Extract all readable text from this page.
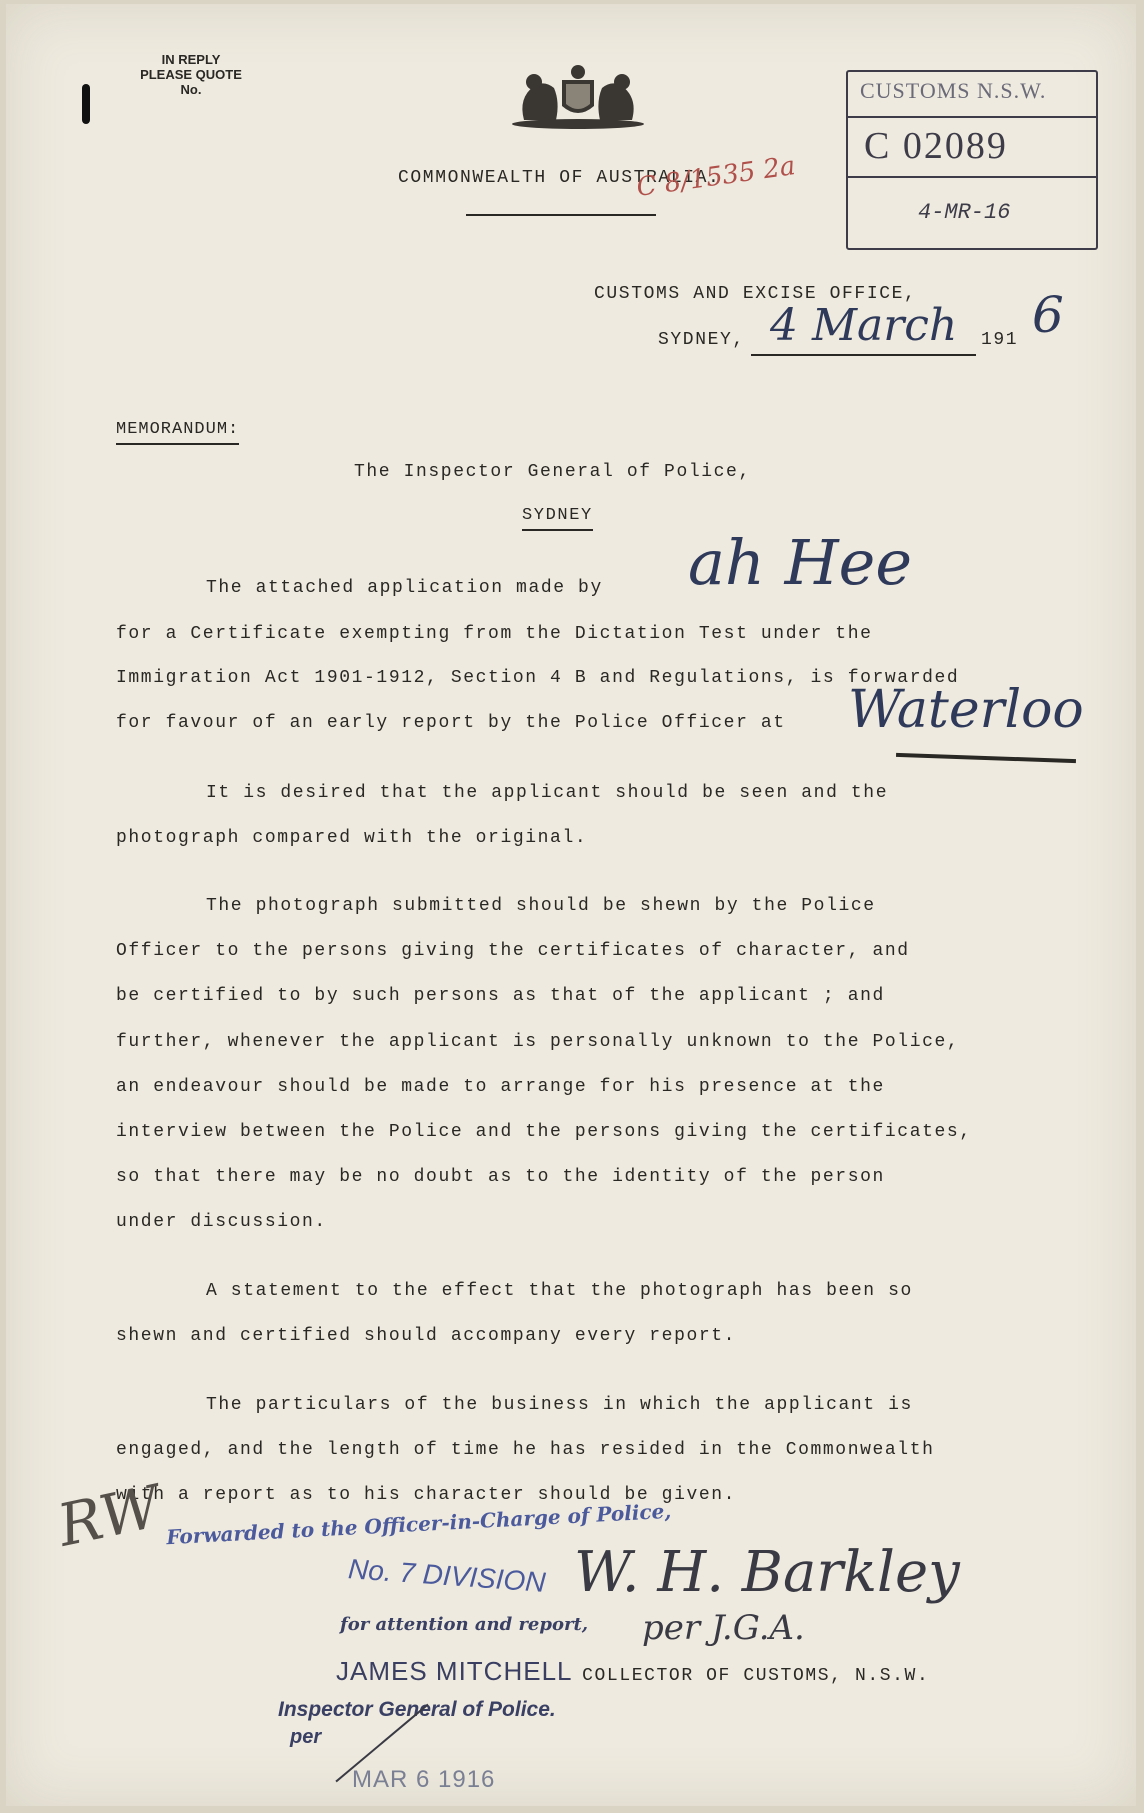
IN REPLY
PLEASE QUOTE
No.
COMMONWEALTH OF AUSTRALIA.
C 8/1535 2a
CUSTOMS N.S.W.
C 02089
4-MR-16
CUSTOMS AND EXCISE OFFICE,
SYDNEY, 4 March 191 6
MEMORANDUM:
The Inspector General of Police,
SYDNEY
The attached application made by ah Hee
for a Certificate exempting from the Dictation Test under the
Immigration Act 1901-1912, Section 4 B and Regulations, is forwarded
for favour of an early report by the Police Officer at Waterloo
It is desired that the applicant should be seen and the
photograph compared with the original.
The photograph submitted should be shewn by the Police
Officer to the persons giving the certificates of character, and
be certified to by such persons as that of the applicant ; and
further, whenever the applicant is personally unknown to the Police,
an endeavour should be made to arrange for his presence at the
interview between the Police and the persons giving the certificates,
so that there may be no doubt as to the identity of the person
under discussion.
A statement to the effect that the photograph has been so
shewn and certified should accompany every report.
The particulars of the business in which the applicant is
engaged, and the length of time he has resided in the Commonwealth
with a report as to his character should be given.
RW Forwarded to the Officer-in-Charge of Police,
No. 7 DIVISION W. H. Barkley
for attention and report, per J.G.A.
JAMES MITCHELL COLLECTOR OF CUSTOMS, N.S.W.
Inspector General of Police.
per
MAR 6 1916
